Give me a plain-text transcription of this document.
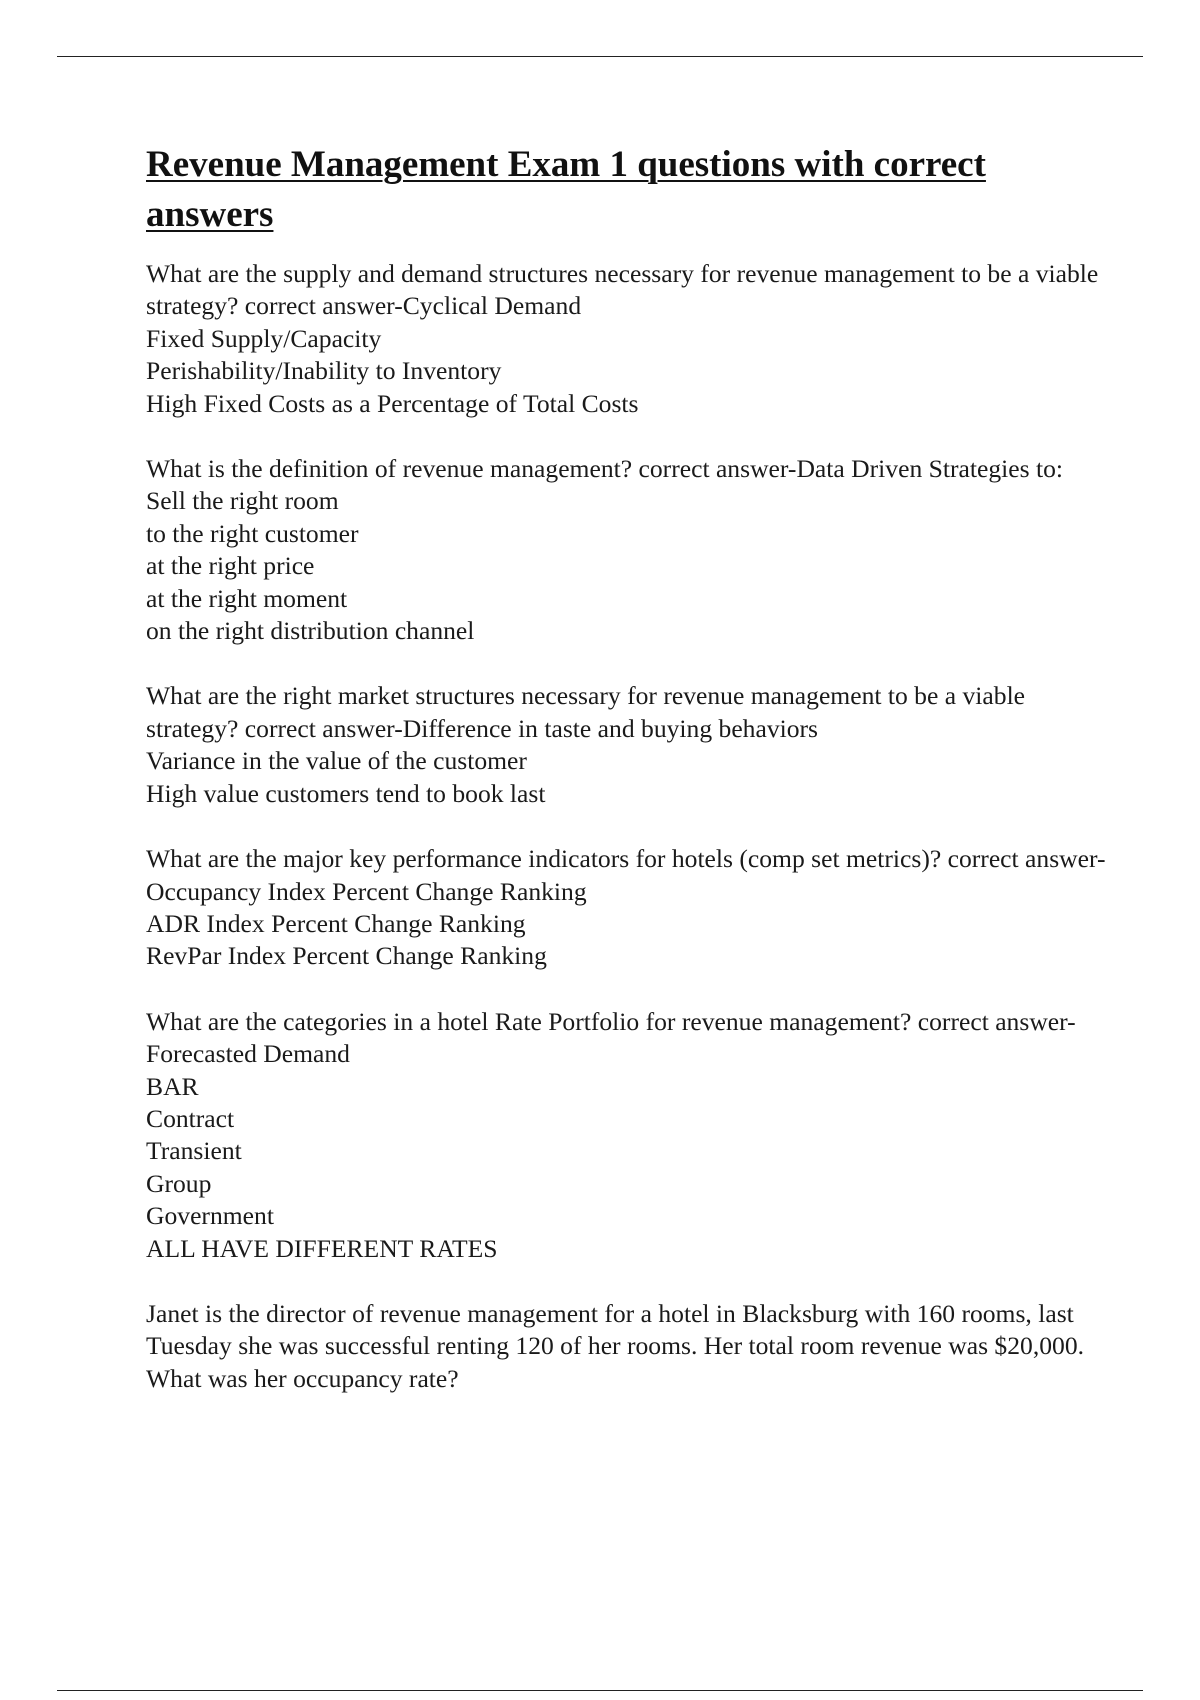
Revenue Management Exam 1 questions with correct answers

What are the supply and demand structures necessary for revenue management to be a viable strategy? correct answer-Cyclical Demand

Fixed Supply/Capacity

Perishability/Inability to Inventory

High Fixed Costs as a Percentage of Total Costs

What is the definition of revenue management? correct answer-Data Driven Strategies to:

Sell the right room

to the right customer

at the right price

at the right moment

on the right distribution channel

What are the right market structures necessary for revenue management to be a viable strategy? correct answer-Difference in taste and buying behaviors

Variance in the value of the customer

High value customers tend to book last

What are the major key performance indicators for hotels (comp set metrics)? correct answer-Occupancy Index Percent Change Ranking

ADR Index Percent Change Ranking

RevPar Index Percent Change Ranking

What are the categories in a hotel Rate Portfolio for revenue management? correct answer-Forecasted Demand

BAR

Contract

Transient

Group

Government

ALL HAVE DIFFERENT RATES

Janet is the director of revenue management for a hotel in Blacksburg with 160 rooms, last Tuesday she was successful renting 120 of her rooms. Her total room revenue was $20,000. What was her occupancy rate?
